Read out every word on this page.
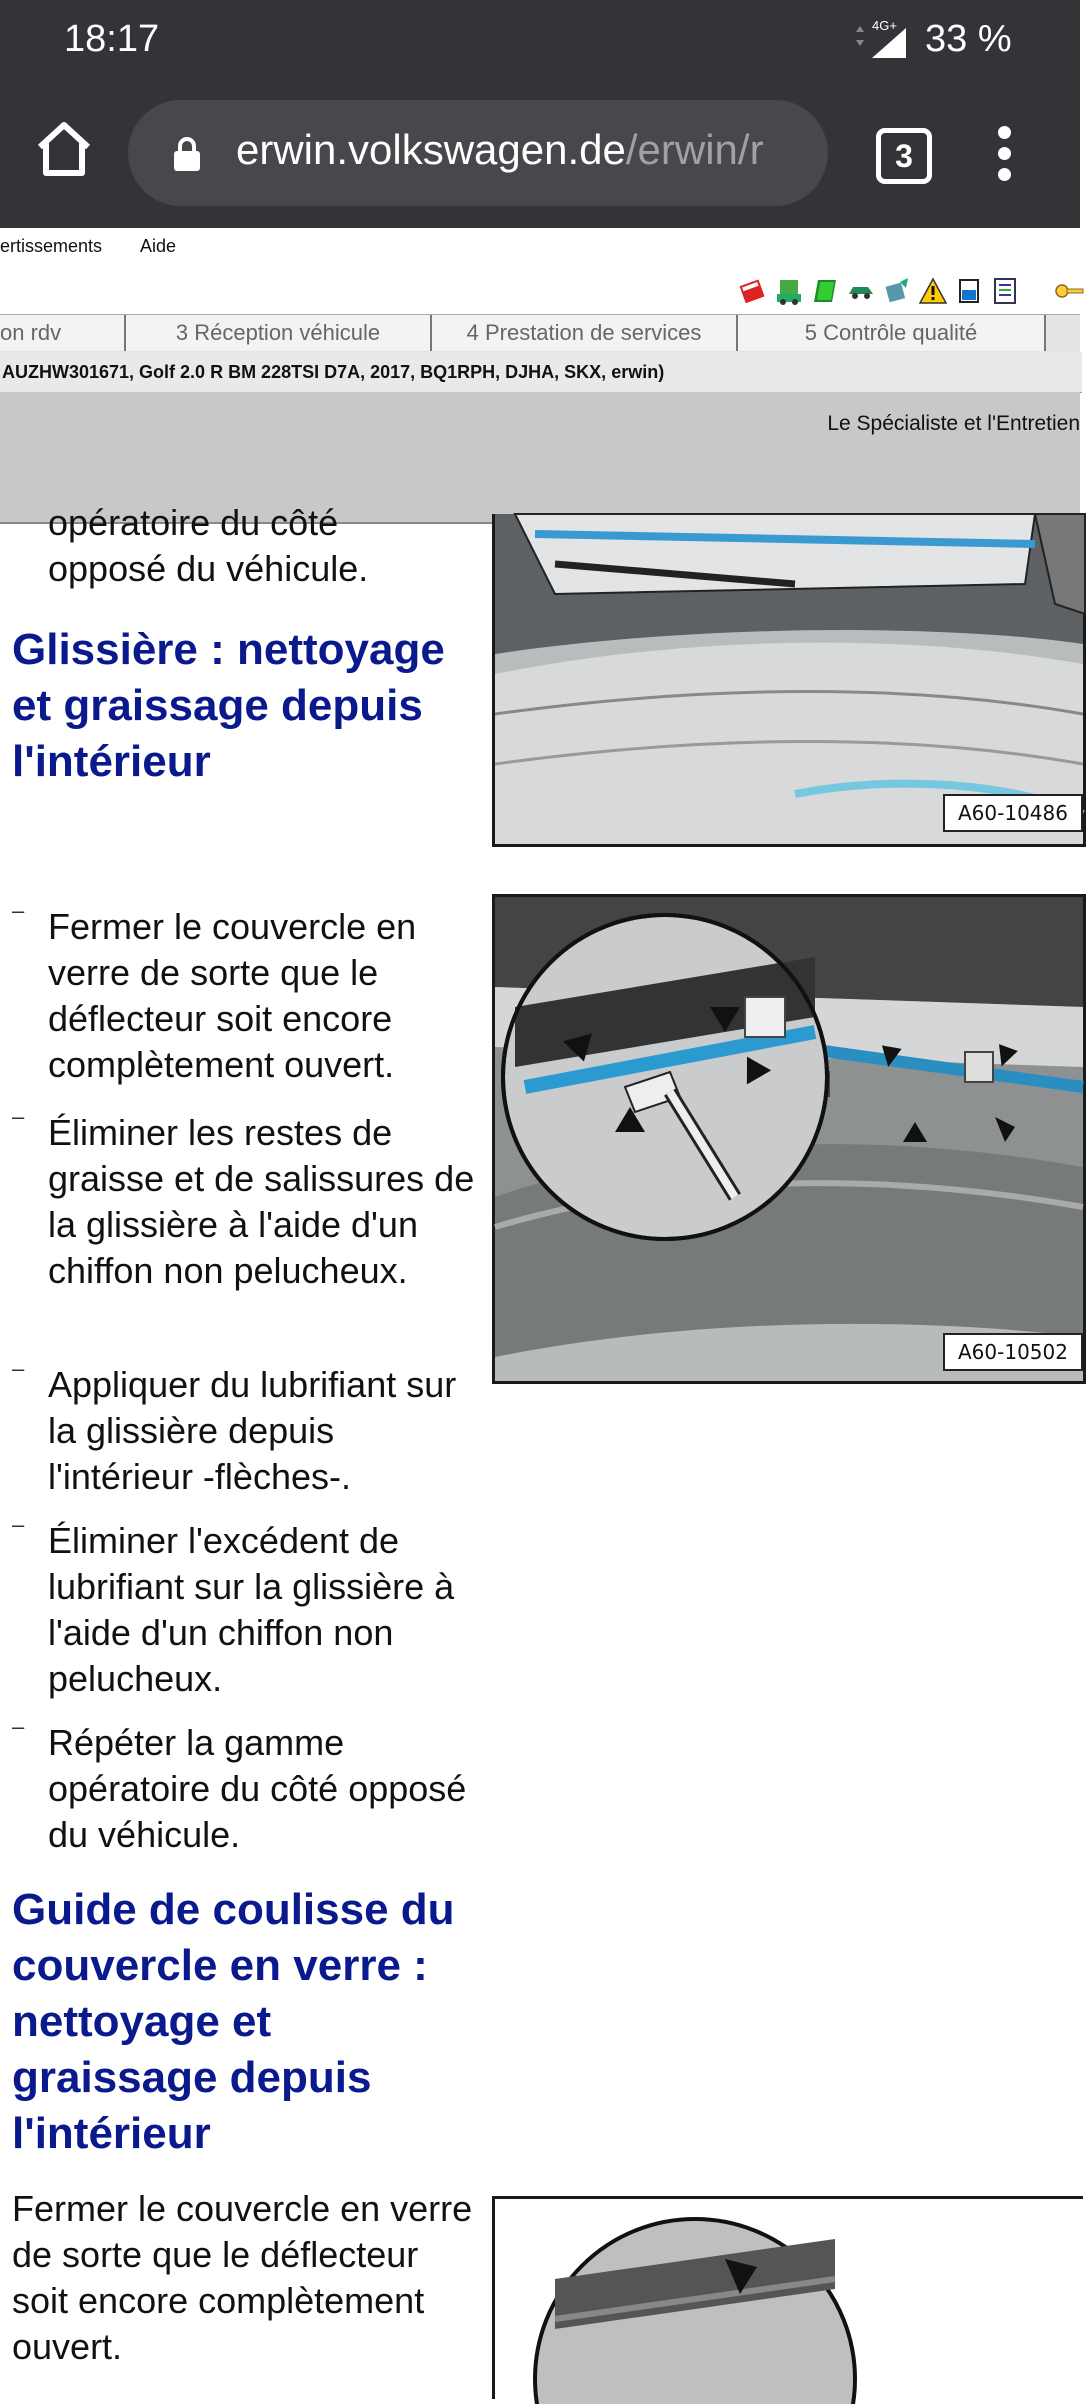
18:17	4G+ 33 %
erwin.volkswagen.de/erwin/r	3
ertissements Aide
on rdv	3 Réception véhicule	4 Prestation de services	5 Contrôle qualité
AUZHW301671, Golf 2.0 R BM 228TSI D7A, 2017, BQ1RPH, DJHA, SKX, erwin)
Le Spécialiste et l'Entretien
opératoire du côté
opposé du véhicule.
Glissière : nettoyage et graissage depuis l'intérieur
A60-10486
– Fermer le couvercle en verre de sorte que le déflecteur soit encore complètement ouvert.
– Éliminer les restes de graisse et de salissures de la glissière à l'aide d'un chiffon non pelucheux.
– Appliquer du lubrifiant sur la glissière depuis l'intérieur -flèches-.
– Éliminer l'excédent de lubrifiant sur la glissière à l'aide d'un chiffon non pelucheux.
– Répéter la gamme opératoire du côté opposé du véhicule.
A60-10502
Guide de coulisse du couvercle en verre : nettoyage et graissage depuis l'intérieur
Fermer le couvercle en verre de sorte que le déflecteur soit encore complètement ouvert.
